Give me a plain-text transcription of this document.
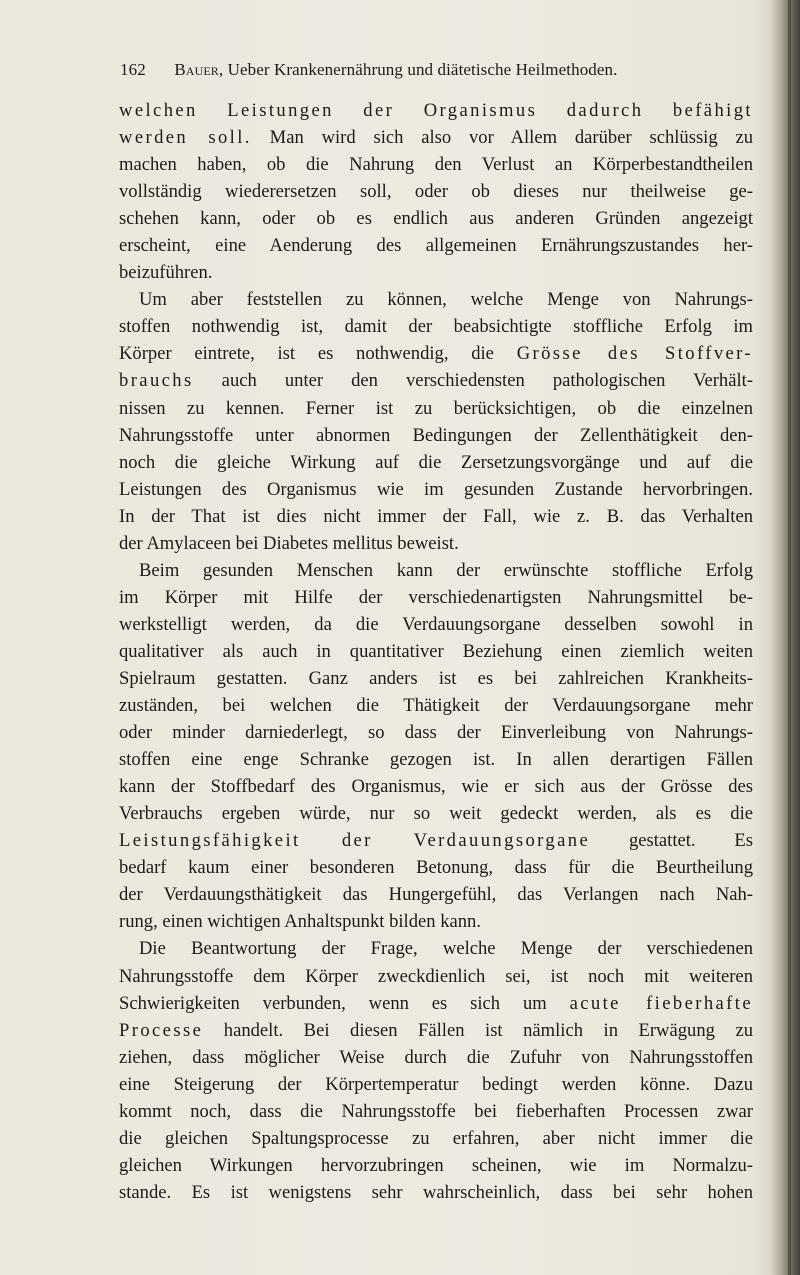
162 Bauer, Ueber Krankenernährung und diätetische Heilmethoden.
welchen Leistungen der Organismus dadurch befähigt
werden soll. Man wird sich also vor Allem darüber schlüssig zu
machen haben, ob die Nahrung den Verlust an Körperbestandtheilen
vollständig wiederersetzen soll, oder ob dieses nur theilweise ge-
schehen kann, oder ob es endlich aus anderen Gründen angezeigt
erscheint, eine Aenderung des allgemeinen Ernährungszustandes her-
beizuführen.
Um aber feststellen zu können, welche Menge von Nahrungs-
stoffen nothwendig ist, damit der beabsichtigte stoffliche Erfolg im
Körper eintrete, ist es nothwendig, die Grösse des Stoffver-
brauchs auch unter den verschiedensten pathologischen Verhält-
nissen zu kennen. Ferner ist zu berücksichtigen, ob die einzelnen
Nahrungsstoffe unter abnormen Bedingungen der Zellenthätigkeit den-
noch die gleiche Wirkung auf die Zersetzungsvorgänge und auf die
Leistungen des Organismus wie im gesunden Zustande hervorbringen.
In der That ist dies nicht immer der Fall, wie z. B. das Verhalten
der Amylaceen bei Diabetes mellitus beweist.
Beim gesunden Menschen kann der erwünschte stoffliche Erfolg
im Körper mit Hilfe der verschiedenartigsten Nahrungsmittel be-
werkstelligt werden, da die Verdauungsorgane desselben sowohl in
qualitativer als auch in quantitativer Beziehung einen ziemlich weiten
Spielraum gestatten. Ganz anders ist es bei zahlreichen Krankheits-
zuständen, bei welchen die Thätigkeit der Verdauungsorgane mehr
oder minder darniederlegt, so dass der Einverleibung von Nahrungs-
stoffen eine enge Schranke gezogen ist. In allen derartigen Fällen
kann der Stoffbedarf des Organismus, wie er sich aus der Grösse des
Verbrauchs ergeben würde, nur so weit gedeckt werden, als es die
Leistungsfähigkeit der Verdauungsorgane gestattet. Es
bedarf kaum einer besonderen Betonung, dass für die Beurtheilung
der Verdauungsthätigkeit das Hungergefühl, das Verlangen nach Nah-
rung, einen wichtigen Anhaltspunkt bilden kann.
Die Beantwortung der Frage, welche Menge der verschiedenen
Nahrungsstoffe dem Körper zweckdienlich sei, ist noch mit weiteren
Schwierigkeiten verbunden, wenn es sich um acute fieberhafte
Processe handelt. Bei diesen Fällen ist nämlich in Erwägung zu
ziehen, dass möglicher Weise durch die Zufuhr von Nahrungsstoffen
eine Steigerung der Körpertemperatur bedingt werden könne. Dazu
kommt noch, dass die Nahrungsstoffe bei fieberhaften Processen zwar
die gleichen Spaltungsprocesse zu erfahren, aber nicht immer die
gleichen Wirkungen hervorzubringen scheinen, wie im Normalzu-
stande. Es ist wenigstens sehr wahrscheinlich, dass bei sehr hohen
